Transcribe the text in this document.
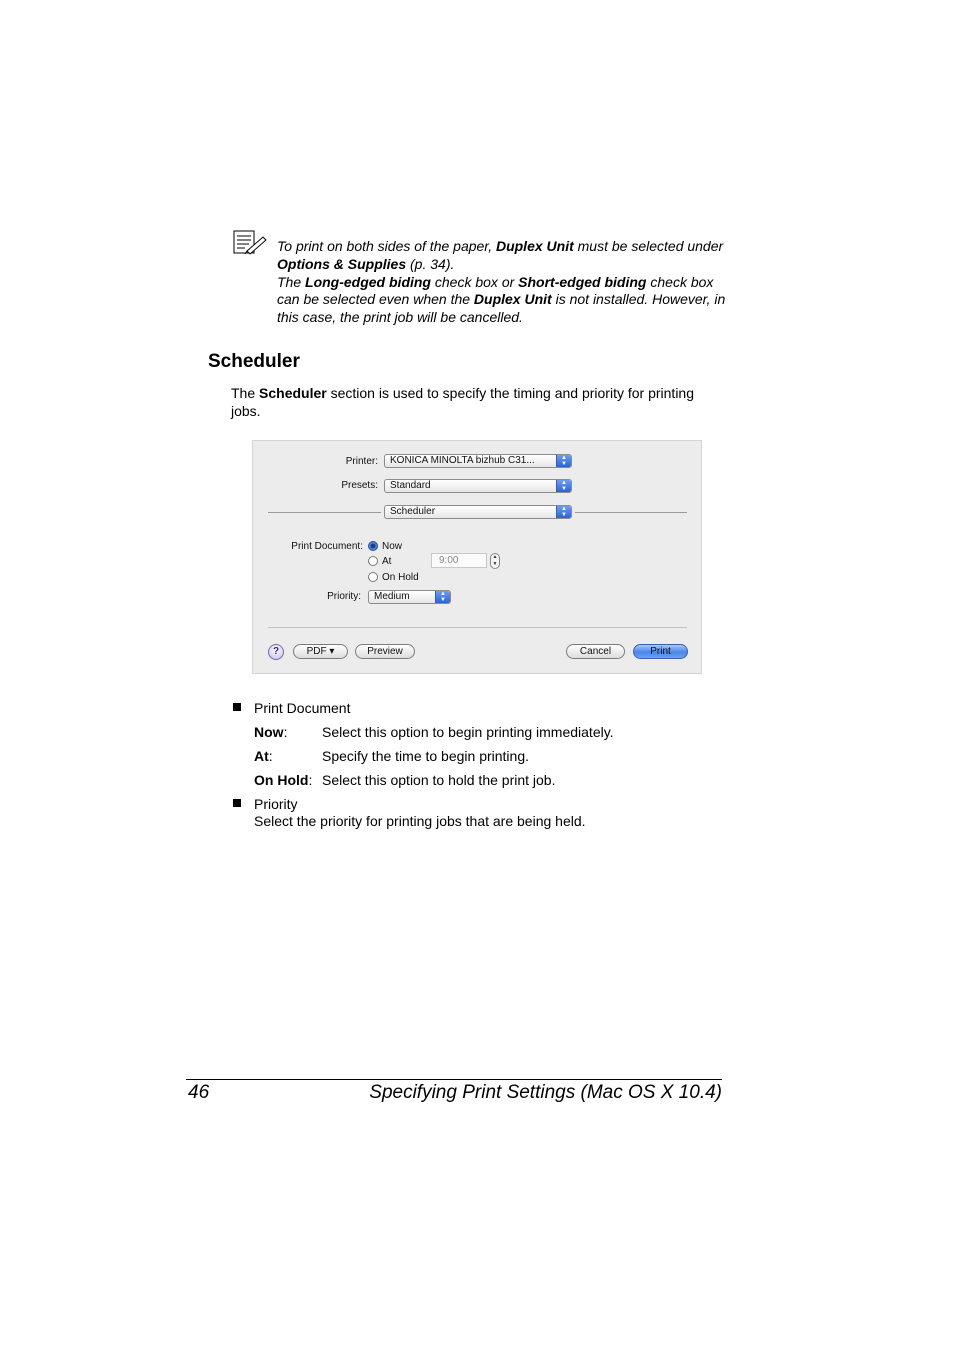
To print on both sides of the paper, Duplex Unit must be selected under Options & Supplies (p. 34).
The Long-edged biding check box or Short-edged biding check box can be selected even when the Duplex Unit is not installed. However, in this case, the print job will be cancelled.
Scheduler
The Scheduler section is used to specify the timing and priority for printing jobs.
Printer:	KONICA MINOLTA bizhub C31...	▲
▼
Presets:	Standard	▲
▼
Scheduler	▲
▼
Print Document: Now
At	9:00	▲
▼
On Hold
Priority:	Medium	▲
▼
?	PDF ▾	Preview	Cancel	Print
Print Document
Now: Select this option to begin printing immediately.
At:	Specify the time to begin printing.
On Hold: Select this option to hold the print job.
Priority
Select the priority for printing jobs that are being held.
46	Specifying Print Settings (Mac OS X 10.4)
